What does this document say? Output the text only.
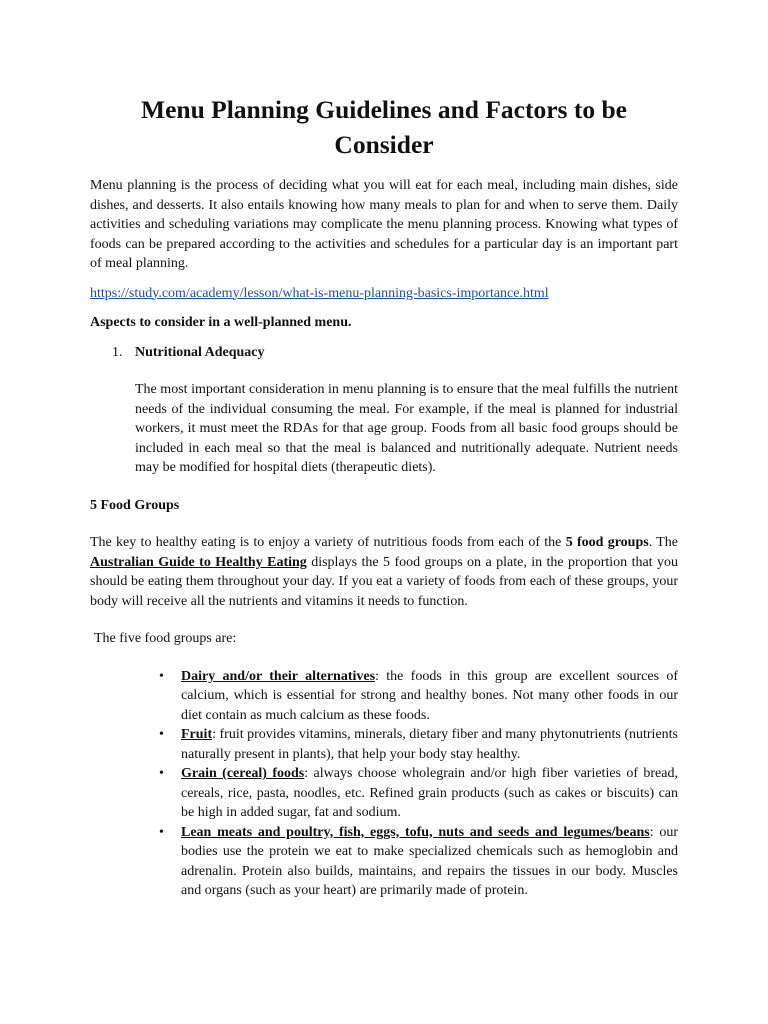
Menu Planning Guidelines and Factors to be Consider

Menu planning is the process of deciding what you will eat for each meal, including main dishes, side dishes, and desserts. It also entails knowing how many meals to plan for and when to serve them. Daily activities and scheduling variations may complicate the menu planning process. Knowing what types of foods can be prepared according to the activities and schedules for a particular day is an important part of meal planning.

https://study.com/academy/lesson/what-is-menu-planning-basics-importance.html

Aspects to consider in a well-planned menu.

1. Nutritional Adequacy

The most important consideration in menu planning is to ensure that the meal fulfills the nutrient needs of the individual consuming the meal. For example, if the meal is planned for industrial workers, it must meet the RDAs for that age group. Foods from all basic food groups should be included in each meal so that the meal is balanced and nutritionally adequate. Nutrient needs may be modified for hospital diets (therapeutic diets).

5 Food Groups

The key to healthy eating is to enjoy a variety of nutritious foods from each of the 5 food groups. The Australian Guide to Healthy Eating displays the 5 food groups on a plate, in the proportion that you should be eating them throughout your day. If you eat a variety of foods from each of these groups, your body will receive all the nutrients and vitamins it needs to function.

The five food groups are:

• Dairy and/or their alternatives: the foods in this group are excellent sources of calcium, which is essential for strong and healthy bones. Not many other foods in our diet contain as much calcium as these foods.
• Fruit: fruit provides vitamins, minerals, dietary fiber and many phytonutrients (nutrients naturally present in plants), that help your body stay healthy.
• Grain (cereal) foods: always choose wholegrain and/or high fiber varieties of bread, cereals, rice, pasta, noodles, etc. Refined grain products (such as cakes or biscuits) can be high in added sugar, fat and sodium.
• Lean meats and poultry, fish, eggs, tofu, nuts and seeds and legumes/beans: our bodies use the protein we eat to make specialized chemicals such as hemoglobin and adrenalin. Protein also builds, maintains, and repairs the tissues in our body. Muscles and organs (such as your heart) are primarily made of protein.
